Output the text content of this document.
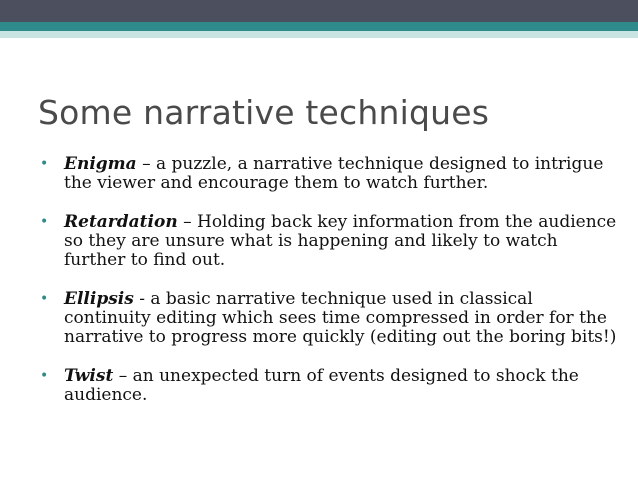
Some narrative techniques
• Enigma – a puzzle, a narrative technique designed to intrigue the viewer and encourage them to watch further.
• Retardation – Holding back key information from the audience so they are unsure what is happening and likely to watch further to find out.
• Ellipsis - a basic narrative technique used in classical continuity editing which sees time compressed in order for the narrative to progress more quickly (editing out the boring bits!)
• Twist – an unexpected turn of events designed to shock the audience.
